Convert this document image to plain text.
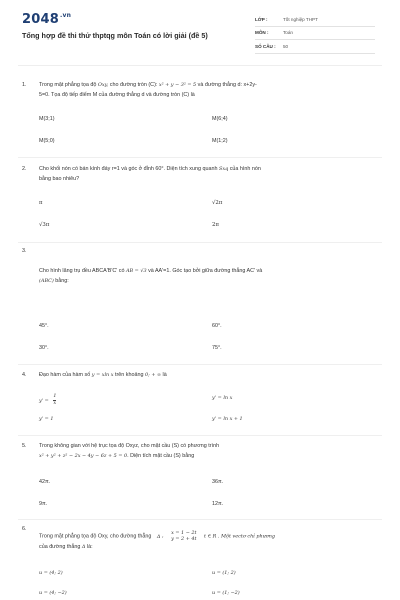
$2048^{.vn}$
Tổng hợp đề thi thử thptqg môn Toán có lời giải (đề 5)
LỚP :	Tốt nghiệp THPT
MÔN :	Toán
SỐ CÂU :	50
1.	Trong mặt phẳng tọa độ Oxy, cho đường tròn (C): x² + y − 3² = 5 và đường thẳng d: x+2y-
5=0. Tọa độ tiếp điểm M của đường thẳng d và đường tròn (C) là
M(3;1)	M(6;4)
M(5;0)	M(1;2)
2.	Cho khối nón có bán kính đáy r=1 và góc ở đỉnh 60°. Diện tích xung quanh Sxq của hình nón
bằng bao nhiêu?
π	√2π
√3π	2π
3.
Cho hình lăng trụ đều ABCA'B'C' có AB = √3 và AA'=1. Góc tạo bởi giữa đường thẳng AC' và
(ABC) bằng:
45°.	60°.
30°.	75°.
4.	Đạo hàm của hàm số y = xln x trên khoảng 0; + ∞ là
$y' = \frac{1}{x}$	y' = ln x
y' = 1	y' = ln x + 1
5.	Trong không gian với hệ trục tọa độ Oxyz, cho mặt cầu (S) có phương trình
x² + y² + z² − 2x − 4y − 6z + 5 = 0. Diện tích mặt cầu (S) bằng
42π.	36π.
9π.	12π.
6.
Trong mặt phẳng tọa độ Oxy, cho đường thẳng Δ :
x = 1 − 2t
y = 2 + 4t t ∈ R . Một vectơ chỉ phương
của đường thẳng Δ là:
u = (4; 2)	u = (1; 2)
u = (4; −2)	u = (1; −2)
